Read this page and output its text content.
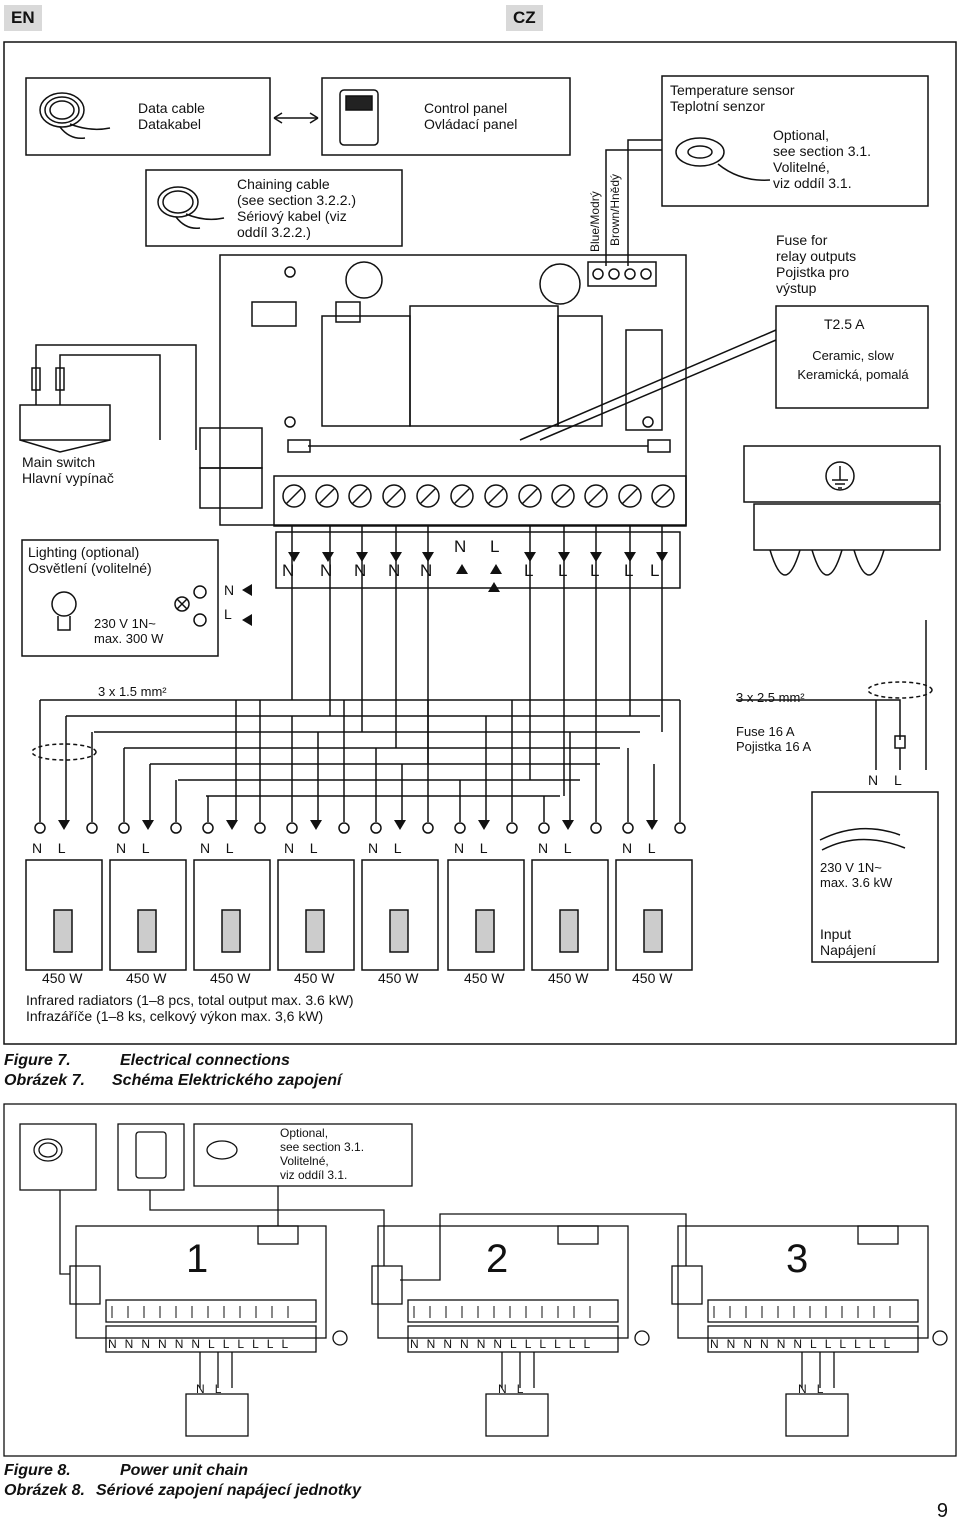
EN	CZ
Data cable
Datakabel
Control panel
Ovládací panel
Chaining cable
(see section 3.2.2.)
Sériový kabel (viz
oddíl 3.2.2.)
Temperature sensor
Teplotní senzor
Optional,
see section 3.1.
Volitelné,
viz oddíl 3.1.
Blue/Modrý Brown/Hnědý	Fuse for
relay outputs
Pojistka pro
výstup
T2.5 A
Ceramic, slow
Keramická, pomalá
Main switch
Hlavní vypínač
Lighting (optional)
Osvětlení (volitelné)
230 V 1N~
max. 300 W
N
L
N N N N N
N L
L L L L L
3 x 1.5 mm²	3 x 2.5 mm²
Fuse 16 A
Pojistka 16 A
N L
N L	N L	N L	N L	N L	N L	N L	N L
450 W	450 W	450 W	450 W	450 W	450 W	450 W	450 W
230 V 1N~
max. 3.6 kW
Input
Napájení
Infrared radiators (1–8 pcs, total output max. 3.6 kW)
Infrazáříče (1–8 ks, celkový výkon max. 3,6 kW)
Figure 7.
Obrázek 7.
Electrical connections
Schéma Elektrického zapojení
Optional,
see section 3.1.
Volitelné,
viz oddíl 3.1.
1	2	3
NNNNNNLLLLLL	NNNNNNLLLLLL	NNNNNNLLLLLL
N L	N L	N L
Figure 8.
Obrázek 8.
Power unit chain
Sériové zapojení napájecí jednotky
9
